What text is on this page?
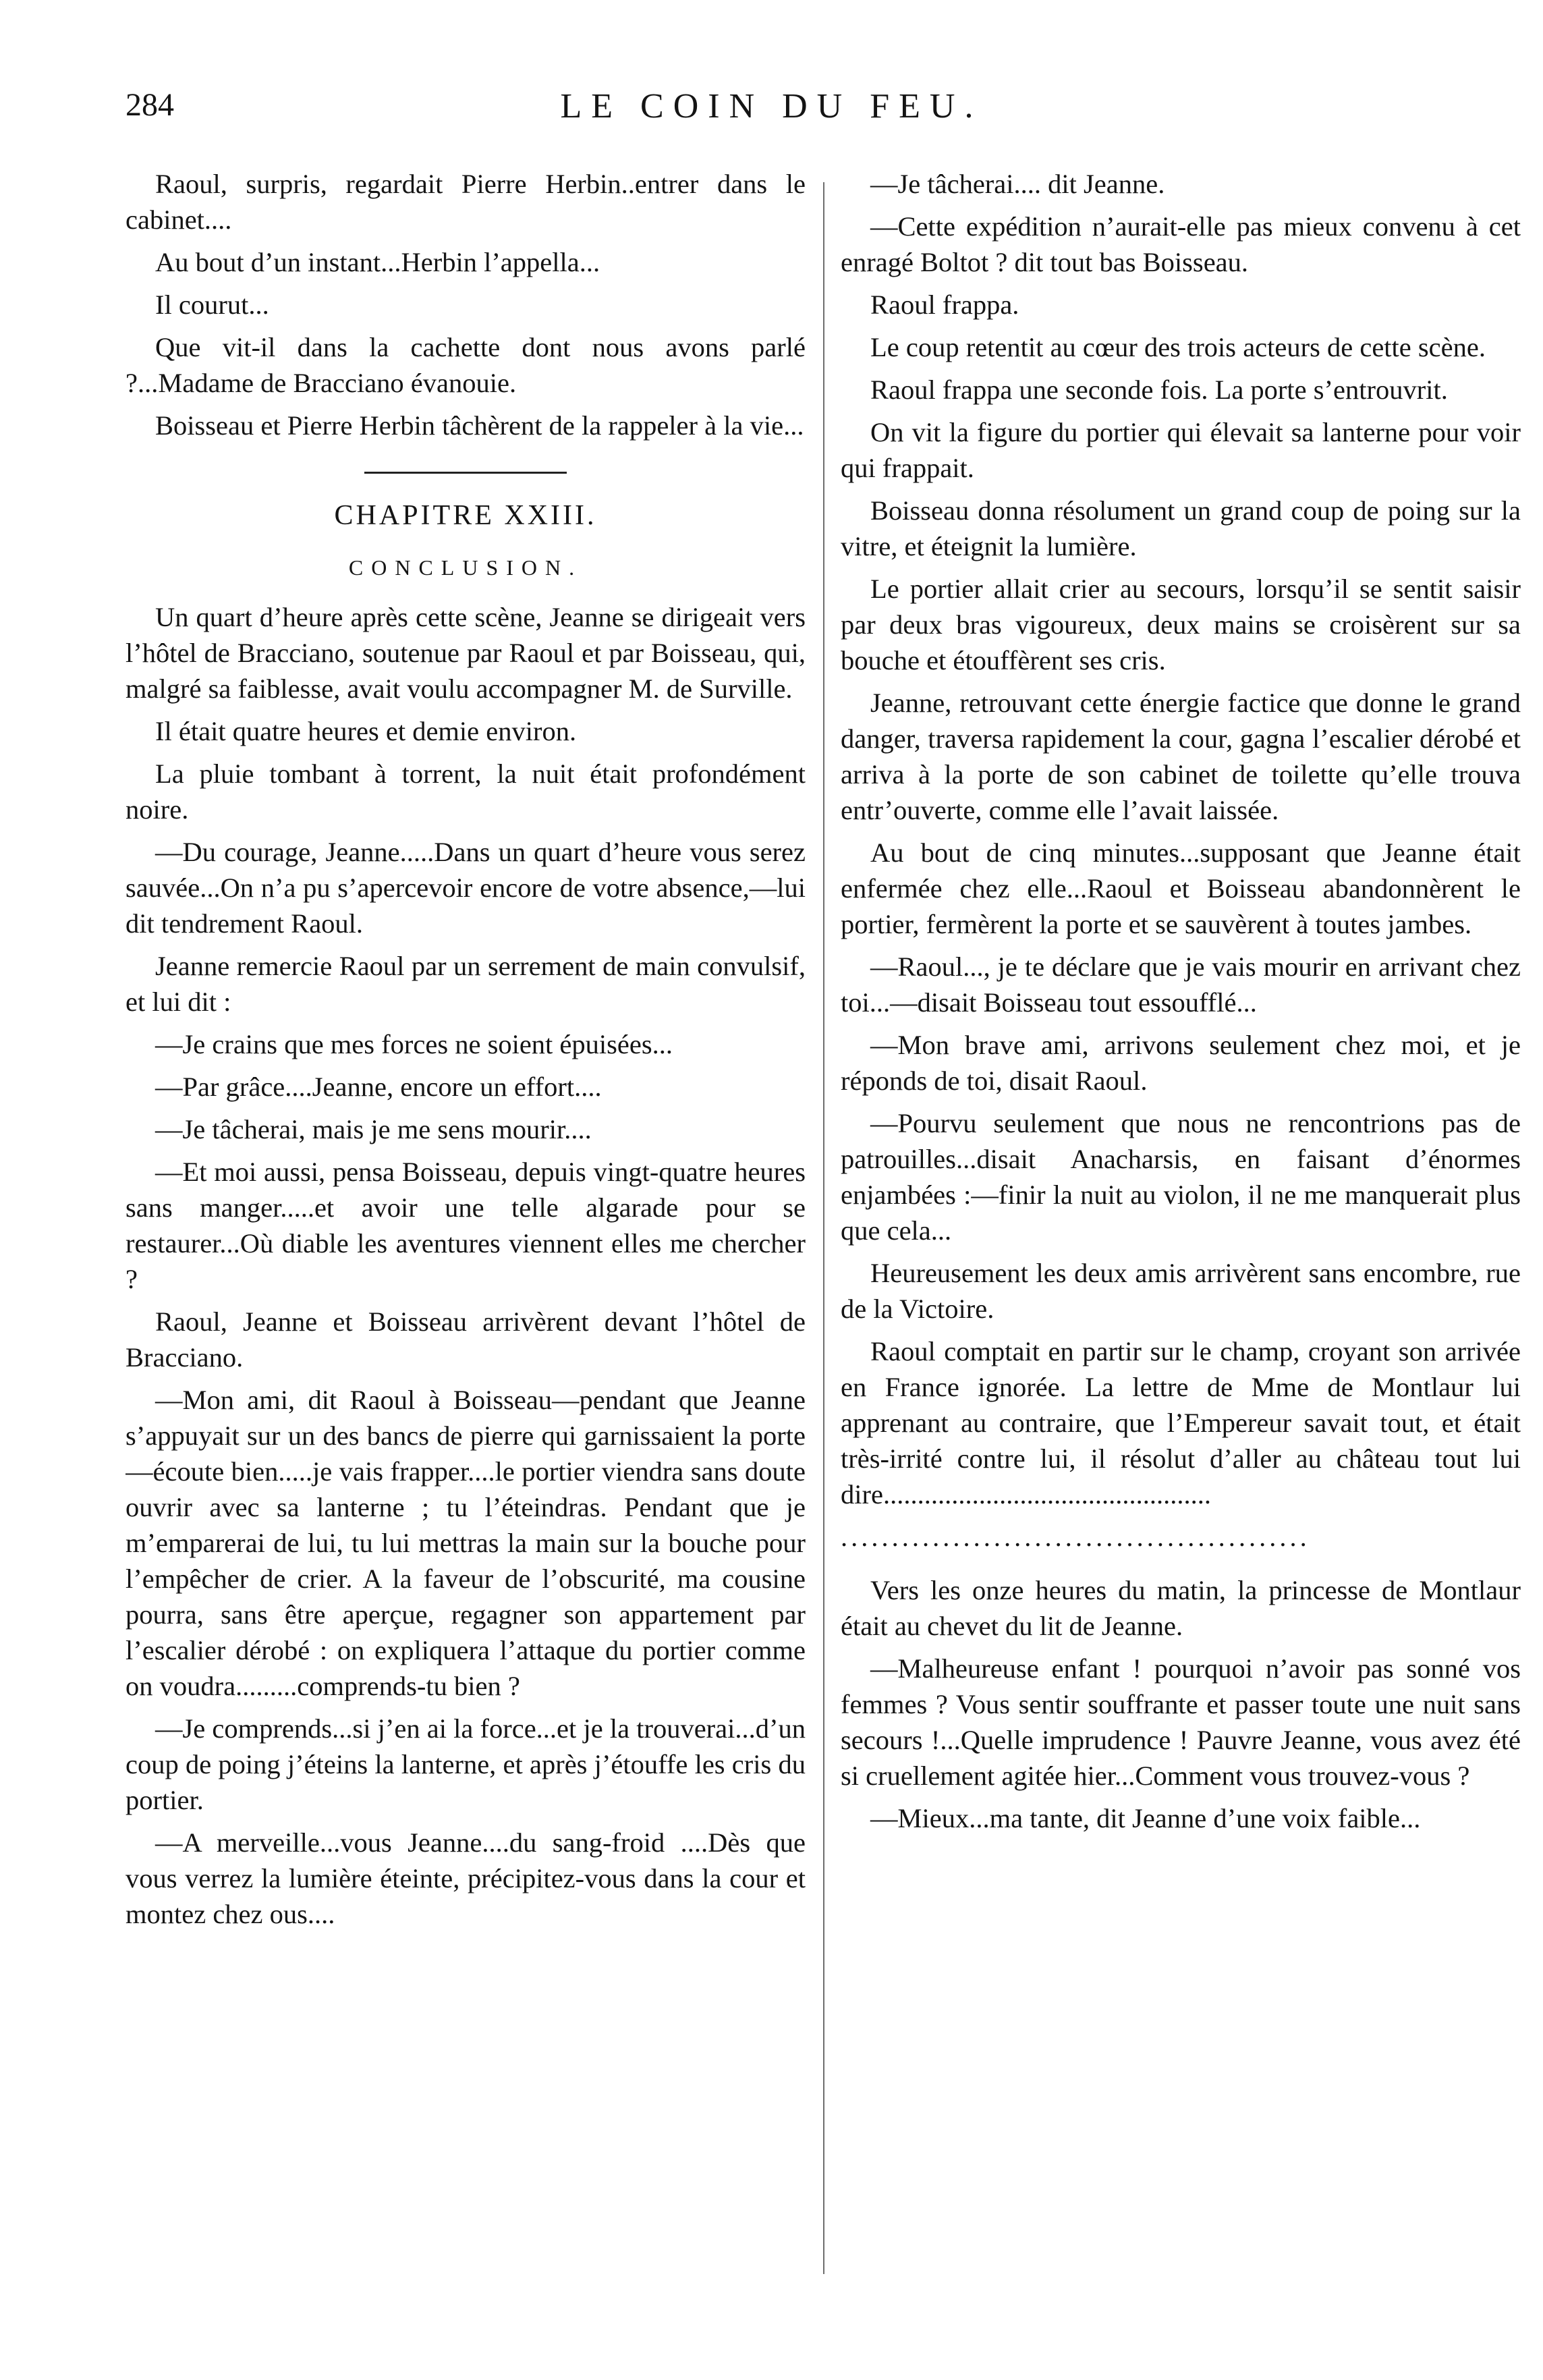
284	LE COIN DU FEU.

Raoul, surpris, regardait Pierre Herbin..entrer dans le cabinet....

Au bout d’un instant...Herbin l’appella...

Il courut...

Que vit-il dans la cachette dont nous avons parlé ?...Madame de Bracciano évanouie.

Boisseau et Pierre Herbin tâchèrent de la rappeler à la vie...

CHAPITRE XXIII.
CONCLUSION.

Un quart d’heure après cette scène, Jeanne se dirigeait vers l’hôtel de Bracciano, soutenue par Raoul et par Boisseau, qui, malgré sa faiblesse, avait voulu accompagner M. de Surville.

Il était quatre heures et demie environ.

La pluie tombant à torrent, la nuit était profondément noire.

—Du courage, Jeanne.....Dans un quart d’heure vous serez sauvée...On n’a pu s’apercevoir encore de votre absence,—lui dit tendrement Raoul.

Jeanne remercie Raoul par un serrement de main convulsif, et lui dit :

—Je crains que mes forces ne soient épuisées...

—Par grâce....Jeanne, encore un effort....

—Je tâcherai, mais je me sens mourir....

—Et moi aussi, pensa Boisseau, depuis vingt-quatre heures sans manger.....et avoir une telle algarade pour se restaurer...Où diable les aventures viennent elles me chercher ?

Raoul, Jeanne et Boisseau arrivèrent devant l’hôtel de Bracciano.

—Mon ami, dit Raoul à Boisseau—pendant que Jeanne s’appuyait sur un des bancs de pierre qui garnissaient la porte—écoute bien.....je vais frapper....le portier viendra sans doute ouvrir avec sa lanterne ; tu l’éteindras. Pendant que je m’emparerai de lui, tu lui mettras la main sur la bouche pour l’empêcher de crier. A la faveur de l’obscurité, ma cousine pourra, sans être aperçue, regagner son appartement par l’escalier dérobé : on expliquera l’attaque du portier comme on voudra.........comprends-tu bien ?

—Je comprends...si j’en ai la force...et je la trouverai...d’un coup de poing j’éteins la lanterne, et après j’étouffe les cris du portier.

—A merveille...vous Jeanne....du sang-froid ....Dès que vous verrez la lumière éteinte, précipitez-vous dans la cour et montez chez ous....

—Je tâcherai.... dit Jeanne.

—Cette expédition n’aurait-elle pas mieux convenu à cet enragé Boltot ? dit tout bas Boisseau.

Raoul frappa.

Le coup retentit au cœur des trois acteurs de cette scène.

Raoul frappa une seconde fois. La porte s’entrouvrit.

On vit la figure du portier qui élevait sa lanterne pour voir qui frappait.

Boisseau donna résolument un grand coup de poing sur la vitre, et éteignit la lumière.

Le portier allait crier au secours, lorsqu’il se sentit saisir par deux bras vigoureux, deux mains se croisèrent sur sa bouche et étouffèrent ses cris.

Jeanne, retrouvant cette énergie factice que donne le grand danger, traversa rapidement la cour, gagna l’escalier dérobé et arriva à la porte de son cabinet de toilette qu’elle trouva entr’ouverte, comme elle l’avait laissée.

Au bout de cinq minutes...supposant que Jeanne était enfermée chez elle...Raoul et Boisseau abandonnèrent le portier, fermèrent la porte et se sauvèrent à toutes jambes.

—Raoul..., je te déclare que je vais mourir en arrivant chez toi...—disait Boisseau tout essoufflé...

—Mon brave ami, arrivons seulement chez moi, et je réponds de toi, disait Raoul.

—Pourvu seulement que nous ne rencontrions pas de patrouilles...disait Anacharsis, en faisant d’énormes enjambées :—finir la nuit au violon, il ne me manquerait plus que cela...

Heureusement les deux amis arrivèrent sans encombre, rue de la Victoire.

Raoul comptait en partir sur le champ, croyant son arrivée en France ignorée. La lettre de Mme de Montlaur lui apprenant au contraire, que l’Empereur savait tout, et était très-irrité contre lui, il résolut d’aller au château tout lui dire................................................

..............................................

Vers les onze heures du matin, la princesse de Montlaur était au chevet du lit de Jeanne.

—Malheureuse enfant ! pourquoi n’avoir pas sonné vos femmes ? Vous sentir souffrante et passer toute une nuit sans secours !...Quelle imprudence ! Pauvre Jeanne, vous avez été si cruellement agitée hier...Comment vous trouvez-vous ?

—Mieux...ma tante, dit Jeanne d’une voix faible...
